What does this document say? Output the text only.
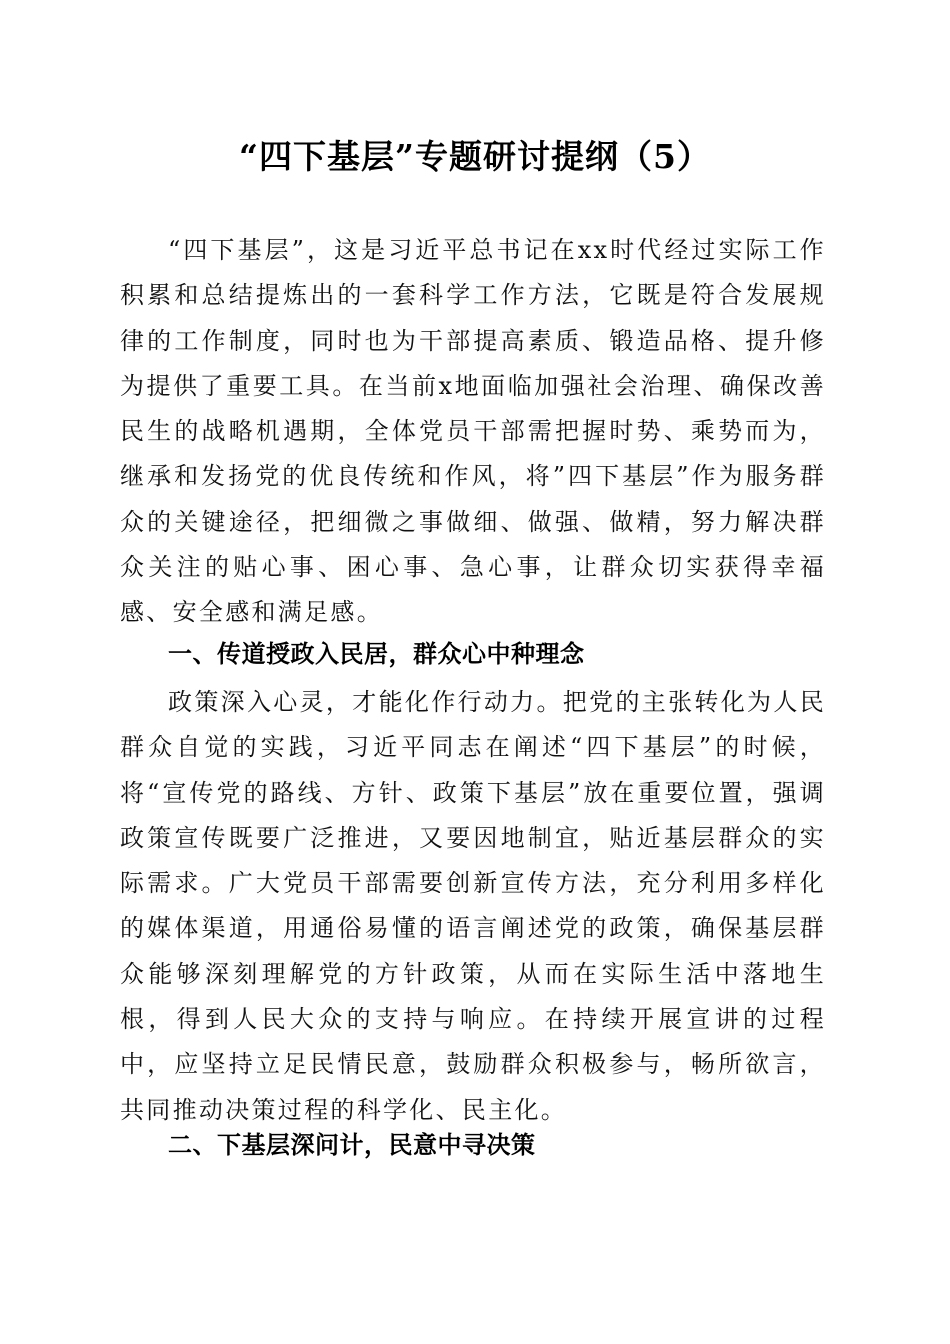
“四下基层”专题研讨提纲（5）

“四下基层”，这是习近平总书记在xx时代经过实际工作积累和总结提炼出的一套科学工作方法，它既是符合发展规律的工作制度，同时也为干部提高素质、锻造品格、提升修为提供了重要工具。在当前x地面临加强社会治理、确保改善民生的战略机遇期，全体党员干部需把握时势、乘势而为，继承和发扬党的优良传统和作风，将”四下基层”作为服务群众的关键途径，把细微之事做细、做强、做精，努力解决群众关注的贴心事、困心事、急心事，让群众切实获得幸福感、安全感和满足感。

一、传道授政入民居，群众心中种理念

政策深入心灵，才能化作行动力。把党的主张转化为人民群众自觉的实践，习近平同志在阐述“四下基层”的时候，将“宣传党的路线、方针、政策下基层”放在重要位置，强调政策宣传既要广泛推进，又要因地制宜，贴近基层群众的实际需求。广大党员干部需要创新宣传方法，充分利用多样化的媒体渠道，用通俗易懂的语言阐述党的政策，确保基层群众能够深刻理解党的方针政策，从而在实际生活中落地生根，得到人民大众的支持与响应。在持续开展宣讲的过程中，应坚持立足民情民意，鼓励群众积极参与，畅所欲言，共同推动决策过程的科学化、民主化。

二、下基层深问计，民意中寻决策
